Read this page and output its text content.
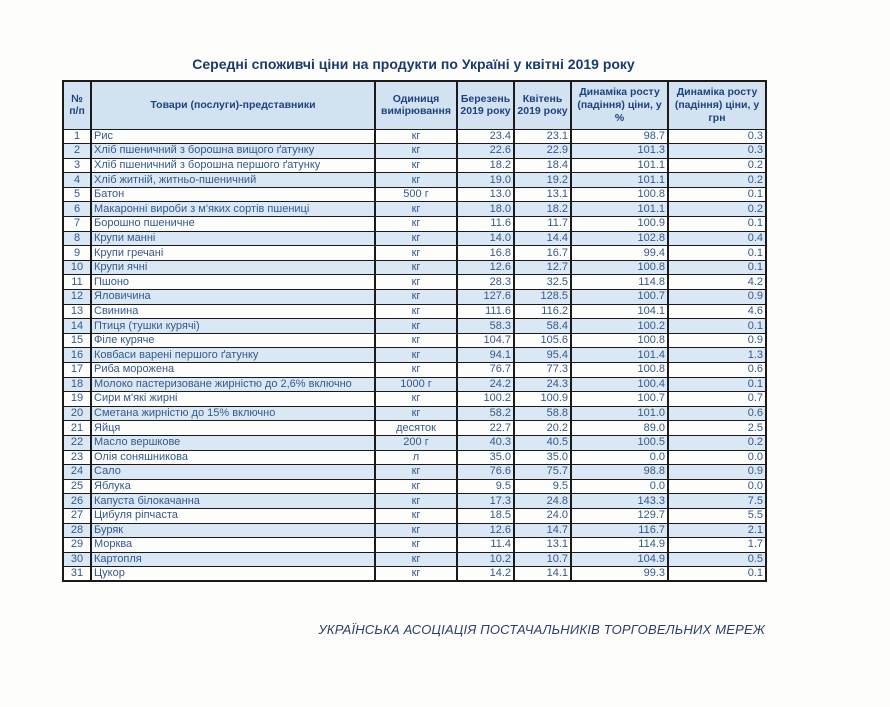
Середні споживчі ціни на продукти по Україні у квітні 2019 року
№ п/п	Товари (послуги)-представники	Одиниця вимірювання	Березень 2019 року	Квітень 2019 року	Динаміка росту (падіння) ціни, у %	Динаміка росту (падіння) ціни, у грн
1	Рис	кг	23.4	23.1	98.7	0.3
2	Хліб пшеничний з борошна вищого ґатунку	кг	22.6	22.9	101.3	0.3
3	Хліб пшеничний з борошна першого ґатунку	кг	18.2	18.4	101.1	0.2
4	Хліб житній, житньо-пшеничний	кг	19.0	19.2	101.1	0.2
5	Батон	500 г	13.0	13.1	100.8	0.1
6	Макаронні вироби з м'яких сортів пшениці	кг	18.0	18.2	101.1	0.2
7	Борошно пшеничне	кг	11.6	11.7	100.9	0.1
8	Крупи манні	кг	14.0	14.4	102.8	0.4
9	Крупи гречані	кг	16.8	16.7	99.4	0.1
10	Крупи ячні	кг	12.6	12.7	100.8	0.1
11	Пшоно	кг	28.3	32.5	114.8	4.2
12	Яловичина	кг	127.6	128.5	100.7	0.9
13	Свинина	кг	111.6	116.2	104.1	4.6
14	Птиця (тушки курячі)	кг	58.3	58.4	100.2	0.1
15	Філе куряче	кг	104.7	105.6	100.8	0.9
16	Ковбаси варені першого ґатунку	кг	94.1	95.4	101.4	1.3
17	Риба морожена	кг	76.7	77.3	100.8	0.6
18	Молоко пастеризоване жирністю до 2,6% включно	1000 г	24.2	24.3	100.4	0.1
19	Сири м'які жирні	кг	100.2	100.9	100.7	0.7
20	Сметана жирністю до 15% включно	кг	58.2	58.8	101.0	0.6
21	Яйця	десяток	22.7	20.2	89.0	2.5
22	Масло вершкове	200 г	40.3	40.5	100.5	0.2
23	Олія соняшникова	л	35.0	35.0	0.0	0.0
24	Сало	кг	76.6	75.7	98.8	0.9
25	Яблука	кг	9.5	9.5	0.0	0.0
26	Капуста білокачанна	кг	17.3	24.8	143.3	7.5
27	Цибуля ріпчаста	кг	18.5	24.0	129.7	5.5
28	Буряк	кг	12.6	14.7	116.7	2.1
29	Морква	кг	11.4	13.1	114.9	1.7
30	Картопля	кг	10.2	10.7	104.9	0.5
31	Цукор	кг	14.2	14.1	99.3	0.1
УКРАЇНСЬКА АСОЦІАЦІЯ ПОСТАЧАЛЬНИКІВ ТОРГОВЕЛЬНИХ МЕРЕЖ
